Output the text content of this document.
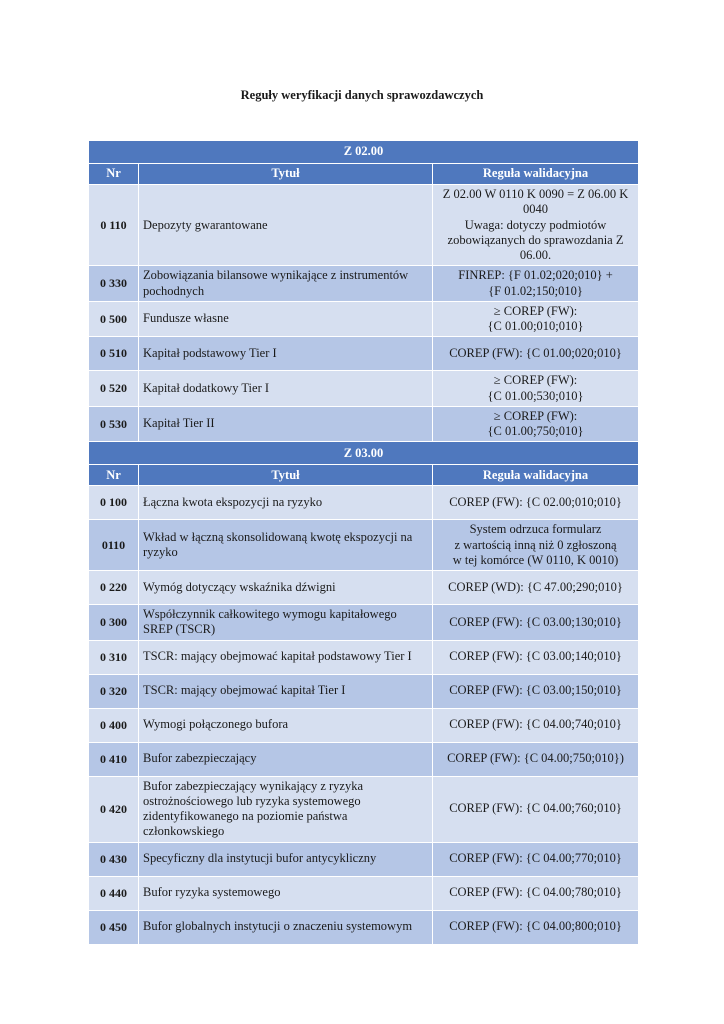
Reguły weryfikacji danych sprawozdawczych
Z 02.00		
Nr	Tytuł	Reguła walidacyjna
0 110	Depozyty gwarantowane	Z 02.00 W 0110 K 0090 = Z 06.00 K 0040
Uwaga: dotyczy podmiotów zobowiązanych do sprawozdania Z 06.00.
0 330	Zobowiązania bilansowe wynikające z instrumentów pochodnych	FINREP: {F 01.02;020;010} +
{F 01.02;150;010}
0 500	Fundusze własne	≥ COREP (FW):
{C 01.00;010;010}
0 510	Kapitał podstawowy Tier I	COREP (FW): {C 01.00;020;010}
0 520	Kapitał dodatkowy Tier I	≥ COREP (FW):
{C 01.00;530;010}
0 530	Kapitał Tier II	≥ COREP (FW):
{C 01.00;750;010}
Z 03.00		
Nr	Tytuł	Reguła walidacyjna
0 100	Łączna kwota ekspozycji na ryzyko	COREP (FW): {C 02.00;010;010}
0110	Wkład w łączną skonsolidowaną kwotę ekspozycji na ryzyko	System odrzuca formularz
z wartością inną niż 0 zgłoszoną
w tej komórce (W 0110, K 0010)
0 220	Wymóg dotyczący wskaźnika dźwigni	COREP (WD): {C 47.00;290;010}
0 300	Współczynnik całkowitego wymogu kapitałowego SREP (TSCR)	COREP (FW): {C 03.00;130;010}
0 310	TSCR: mający obejmować kapitał podstawowy Tier I	COREP (FW): {C 03.00;140;010}
0 320	TSCR: mający obejmować kapitał Tier I	COREP (FW): {C 03.00;150;010}
0 400	Wymogi połączonego bufora	COREP (FW): {C 04.00;740;010}
0 410	Bufor zabezpieczający	COREP (FW): {C 04.00;750;010})
0 420	Bufor zabezpieczający wynikający z ryzyka ostrożnościowego lub ryzyka systemowego zidentyfikowanego na poziomie państwa członkowskiego	COREP (FW): {C 04.00;760;010}
0 430	Specyficzny dla instytucji bufor antycykliczny	COREP (FW): {C 04.00;770;010}
0 440	Bufor ryzyka systemowego	COREP (FW): {C 04.00;780;010}
0 450	Bufor globalnych instytucji o znaczeniu systemowym	COREP (FW): {C 04.00;800;010}
